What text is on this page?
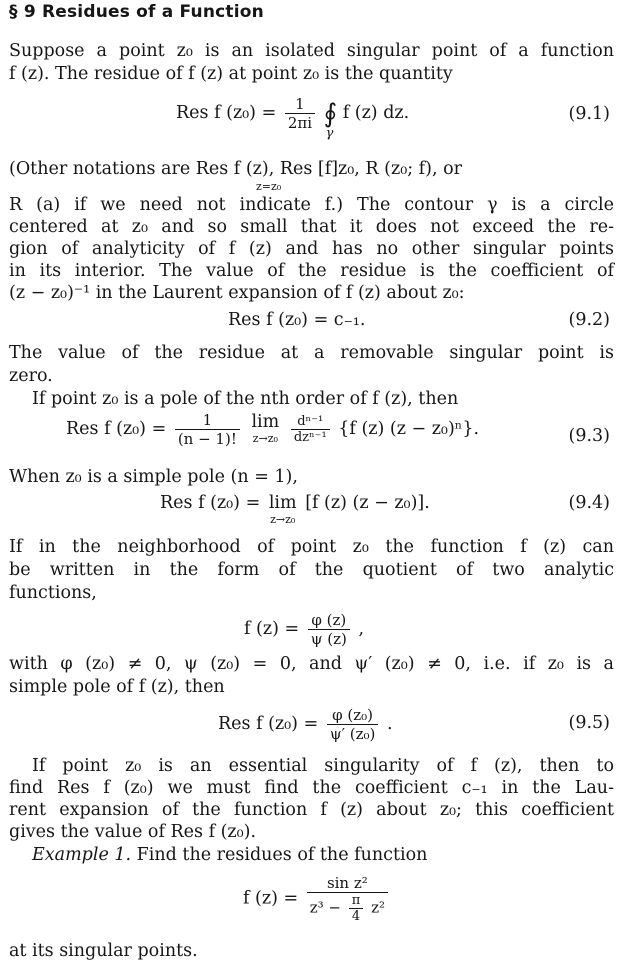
§ 9 Residues of a Function
Suppose a point z₀ is an isolated singular point of a function
f (z). The residue of f (z) at point z₀ is the quantity
Res f $(z_0) = \frac{1}{2\pi i}$ ∮
γ
f (z) dz.	(9.1)
(Other notations are Res f (z), Res [f]z₀, R (z₀; f), or
z=z₀
R (a) if we need not indicate f.) The contour γ is a circle
centered at z₀ and so small that it does not exceed the re-
gion of analyticity of f (z) and has no other singular points
in its interior. The value of the residue is the coefficient of
(z − z₀)⁻¹ in the Laurent expansion of f (z) about z₀:
Res f (z₀) = c₋₁.	(9.2)
The value of the residue at a removable singular point is
zero.
If point z₀ is a pole of the nth order of f (z), then
Res f $(z_0) = \frac{1}{(n - 1)!}$ lim
z→z₀
$\frac{\text{dⁿ⁻¹}}{\text{dzⁿ⁻¹}} \{f$ (z) (z − z₀)ⁿ}.	(9.3)
When z₀ is a simple pole (n = 1),
Res f (z₀) = lim
z→z₀
[f (z) (z − z₀)].	(9.4)
If in the neighborhood of point z₀ the function f (z) can
be written in the form of the quotient of two analytic
functions,
f $(z) = \frac{\varphi (z)}{\psi (z)}$ ,
with φ (z₀) ≠ 0, ψ (z₀) = 0, and ψ′ (z₀) ≠ 0, i.e. if z₀ is a
simple pole of f (z), then
Res f $(z_0) = \frac{\text{φ (z₀)}}{\text{ψ′ (z₀)}}$ .	(9.5)
If point z₀ is an essential singularity of f (z), then to
find Res f (z₀) we must find the coefficient c₋₁ in the Lau-
rent expansion of the function f (z) about z₀; this coefficient
gives the value of Res f (z₀).
Example 1. Find the residues of the function
f $(z) = \frac{\text{sin z²}}{z^3 - \frac{\pi}{4} z^2}$
at its singular points.
